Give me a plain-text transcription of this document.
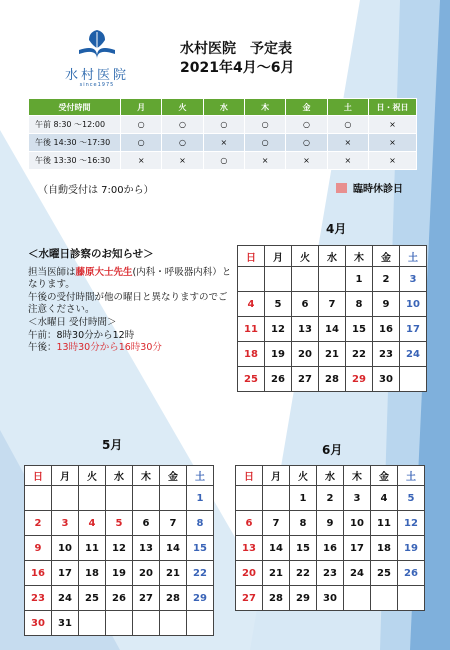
水村医院
since1975
水村医院　予定表
2021年4月〜6月
受付時間	月	火	水	木	金	土	日・祝日
午前 8:30 〜12:00	○	○	○	○	○	○	×
午後 14:30 〜17:30	○	○	×	○	○	×	×
午後 13:30 〜16:30	×	×	○	×	×	×	×
（自動受付は 7:00から）	臨時休診日

＜水曜日診察のお知らせ＞

担当医師は藤原大士先生(内科・呼吸器内科）となります。

午後の受付時間が他の曜日と異なりますのでご注意ください。

＜水曜日 受付時間＞

午前：8時30分から12時

午後：13時30分から16時30分

4月
日	月	火	水	木	金	土
				1	2	3
4	5	6	7	8	9	10
11	12	13	14	15	16	17
18	19	20	21	22	23	24
25	26	27	28	29	30	
5月
日	月	火	水	木	金	土
						1
2	3	4	5	6	7	8
9	10	11	12	13	14	15
16	17	18	19	20	21	22
23	24	25	26	27	28	29
30	31					
6月
日	月	火	水	木	金	土
		1	2	3	4	5
6	7	8	9	10	11	12
13	14	15	16	17	18	19
20	21	22	23	24	25	26
27	28	29	30			
